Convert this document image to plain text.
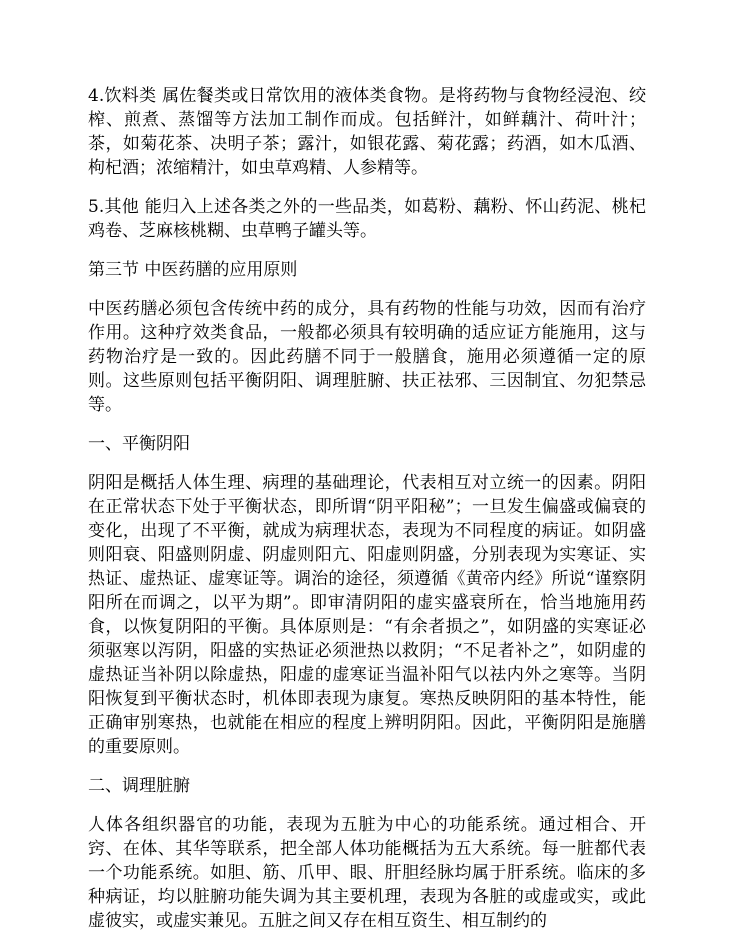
4.饮料类 属佐餐类或日常饮用的液体类食物。是将药物与食物经浸泡、绞榨、煎煮、蒸馏等方法加工制作而成。包括鲜汁，如鲜藕汁、荷叶汁；茶，如菊花茶、决明子茶；露汁，如银花露、菊花露；药酒，如木瓜酒、枸杞酒；浓缩精汁，如虫草鸡精、人参精等。

5.其他 能归入上述各类之外的一些品类，如葛粉、藕粉、怀山药泥、桃杞鸡卷、芝麻核桃糊、虫草鸭子罐头等。

第三节 中医药膳的应用原则

中医药膳必须包含传统中药的成分，具有药物的性能与功效，因而有治疗作用。这种疗效类食品，一般都必须具有较明确的适应证方能施用，这与药物治疗是一致的。因此药膳不同于一般膳食，施用必须遵循一定的原则。这些原则包括平衡阴阳、调理脏腑、扶正祛邪、三因制宜、勿犯禁忌等。

一、平衡阴阳

阴阳是概括人体生理、病理的基础理论，代表相互对立统一的因素。阴阳在正常状态下处于平衡状态，即所谓“阴平阳秘”；一旦发生偏盛或偏衰的变化，出现了不平衡，就成为病理状态，表现为不同程度的病证。如阴盛则阳衰、阳盛则阴虚、阴虚则阳亢、阳虚则阴盛，分别表现为实寒证、实热证、虚热证、虚寒证等。调治的途径，须遵循《黄帝内经》所说“谨察阴阳所在而调之，以平为期”。即审清阴阳的虚实盛衰所在，恰当地施用药食，以恢复阴阳的平衡。具体原则是：“有余者损之”，如阴盛的实寒证必须驱寒以泻阴，阳盛的实热证必须泄热以救阴；“不足者补之”，如阴虚的虚热证当补阴以除虚热，阳虚的虚寒证当温补阳气以祛内外之寒等。当阴阳恢复到平衡状态时，机体即表现为康复。寒热反映阴阳的基本特性，能正确审别寒热，也就能在相应的程度上辨明阴阳。因此，平衡阴阳是施膳的重要原则。

二、调理脏腑

人体各组织器官的功能，表现为五脏为中心的功能系统。通过相合、开窍、在体、其华等联系，把全部人体功能概括为五大系统。每一脏都代表一个功能系统。如胆、筋、爪甲、眼、肝胆经脉均属于肝系统。临床的多种病证，均以脏腑功能失调为其主要机理，表现为各脏的或虚或实，或此虚彼实，或虚实兼见。五脏之间又存在相互资生、相互制约的
